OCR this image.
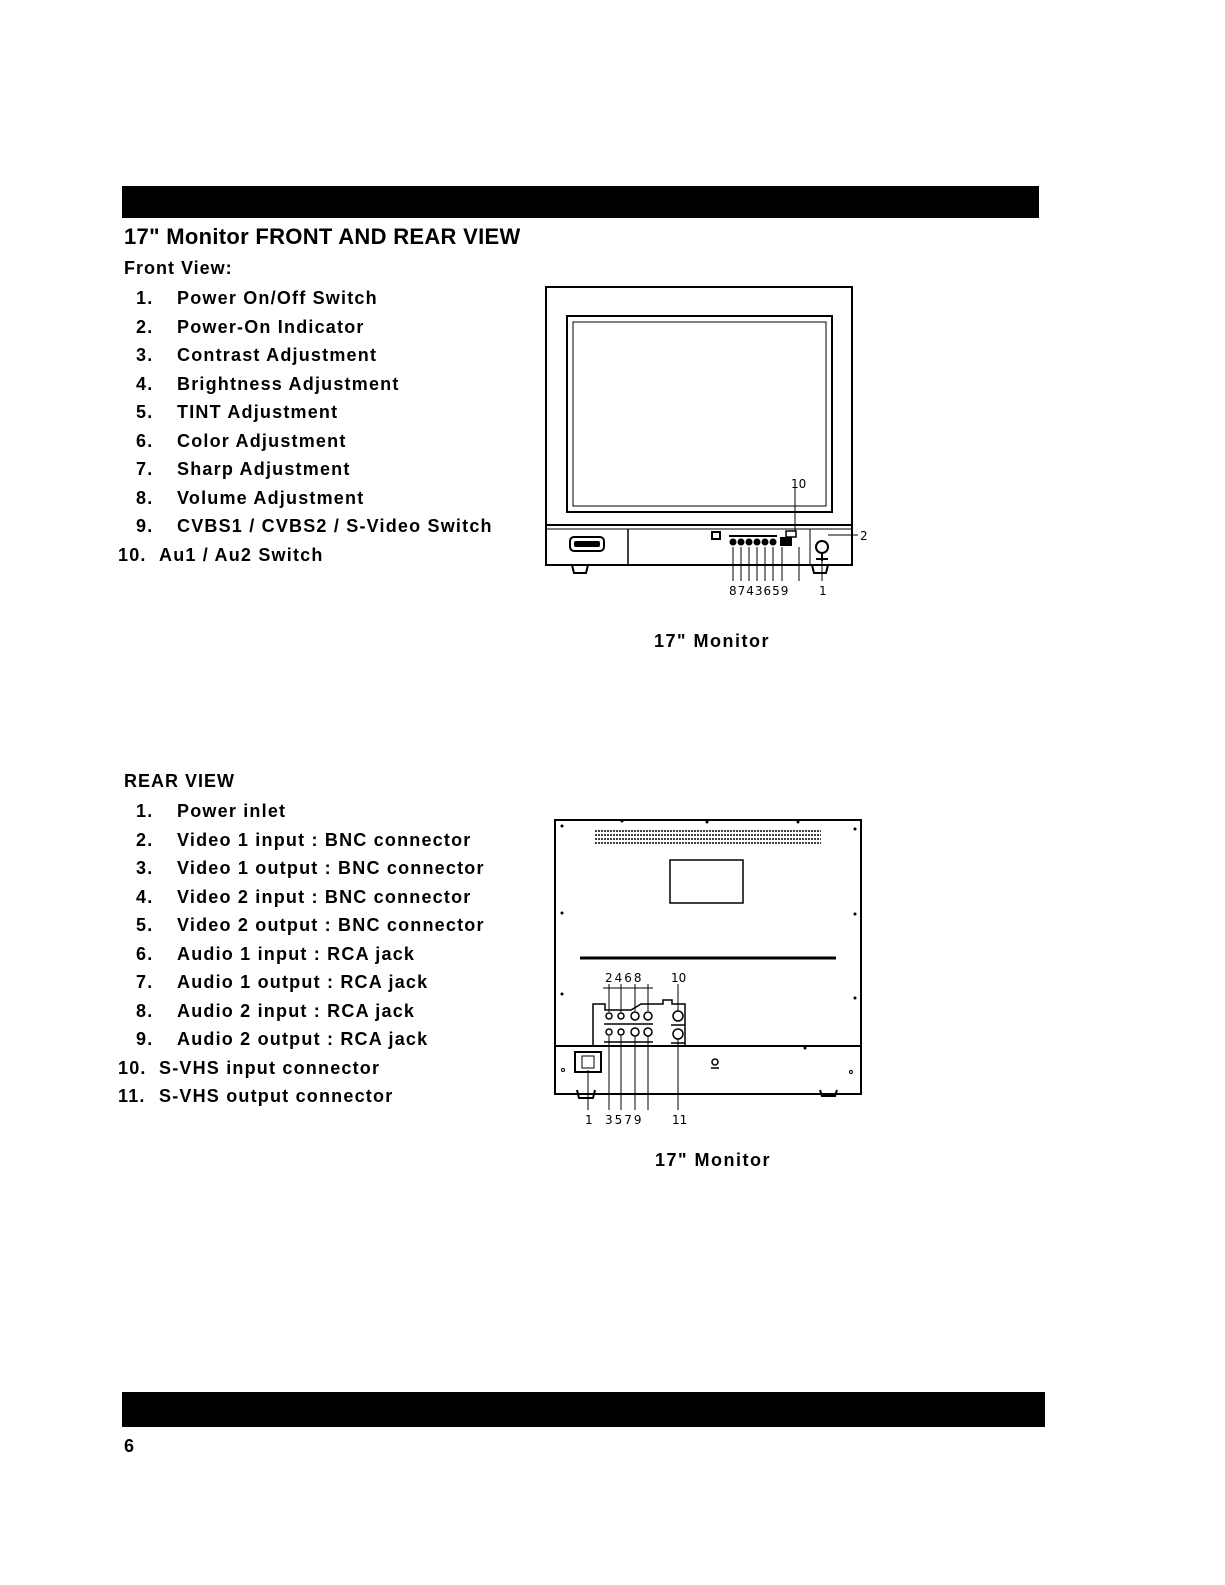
17" Monitor FRONT AND REAR VIEW
Front View:
1. Power On/Off Switch
2. Power-On Indicator
3. Contrast Adjustment
4. Brightness Adjustment
5. TINT Adjustment
6. Color Adjustment
7. Sharp Adjustment
8. Volume Adjustment
9. CVBS1 / CVBS2 / S-Video Switch
10. Au1 / Au2 Switch
10
2
8743659 1
17" Monitor
REAR VIEW
1. Power inlet
2. Video 1 input : BNC connector
3. Video 1 output : BNC connector
4. Video 2 input : BNC connector
5. Video 2 output : BNC connector
6. Audio 1 input : RCA jack
7. Audio 1 output : RCA jack
8. Audio 2 input : RCA jack
9. Audio 2 output : RCA jack
10. S-VHS input connector
11. S-VHS output connector
2468 10
1 3579 11
17" Monitor
6
